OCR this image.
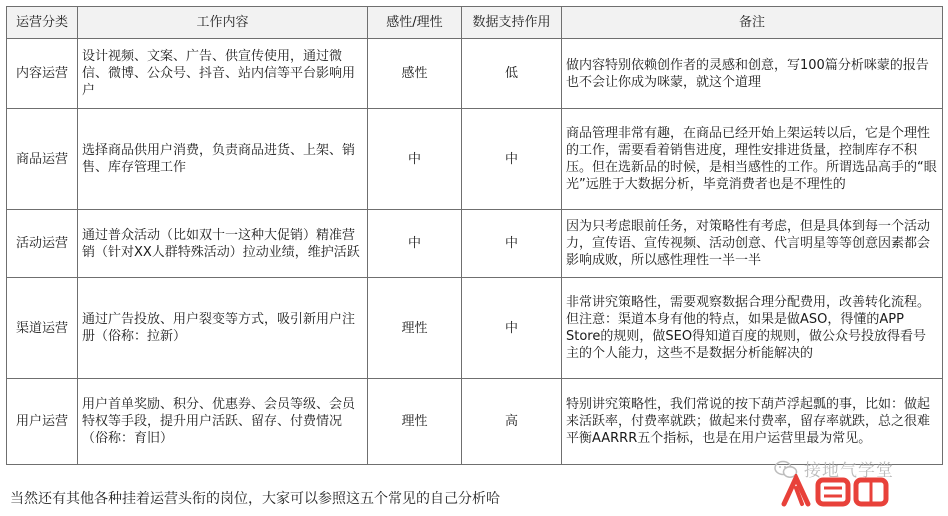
运营分类	工作内容	感性/理性	数据支持作用	备注
内容运营	设计视频、文案、广告、供宣传使用，通过微信、微博、公众号、抖音、站内信等平台影响用户	感性	低	做内容特别依赖创作者的灵感和创意，写100篇分析咪蒙的报告也不会让你成为咪蒙，就这个道理
商品运营	选择商品供用户消费，负责商品进货、上架、销售、库存管理工作	中	中	商品管理非常有趣，在商品已经开始上架运转以后，它是个理性的工作，需要看着销售进度，理性安排进货量，控制库存不积压。但在选新品的时候，是相当感性的工作。所谓选品高手的“眼光”远胜于大数据分析，毕竟消费者也是不理性的
活动运营	通过普众活动（比如双十一这种大促销）精准营销（针对XX人群特殊活动）拉动业绩，维护活跃	中	中	因为只考虑眼前任务，对策略性有考虑，但是具体到每一个活动力，宣传语、宣传视频、活动创意、代言明星等等创意因素都会影响成败，所以感性理性一半一半
渠道运营	通过广告投放、用户裂变等方式，吸引新用户注册（俗称：拉新）	理性	中	非常讲究策略性，需要观察数据合理分配费用，改善转化流程。但注意：渠道本身有他的特点，如果是做ASO，得懂的APP Store的规则，做SEO得知道百度的规则，做公众号投放得看号主的个人能力，这些不是数据分析能解决的
用户运营	用户首单奖励、积分、优惠券、会员等级、会员特权等手段，提升用户活跃、留存、付费情况（俗称：育旧）	理性	高	特别讲究策略性，我们常说的按下葫芦浮起瓢的事，比如：做起来活跃率，付费率就跌；做起来付费率，留存率就跌，总之很难平衡AARRR五个指标，也是在用户运营里最为常见。
当然还有其他各种挂着运营头衔的岗位，大家可以参照这五个常见的自己分析哈
接地气学堂
